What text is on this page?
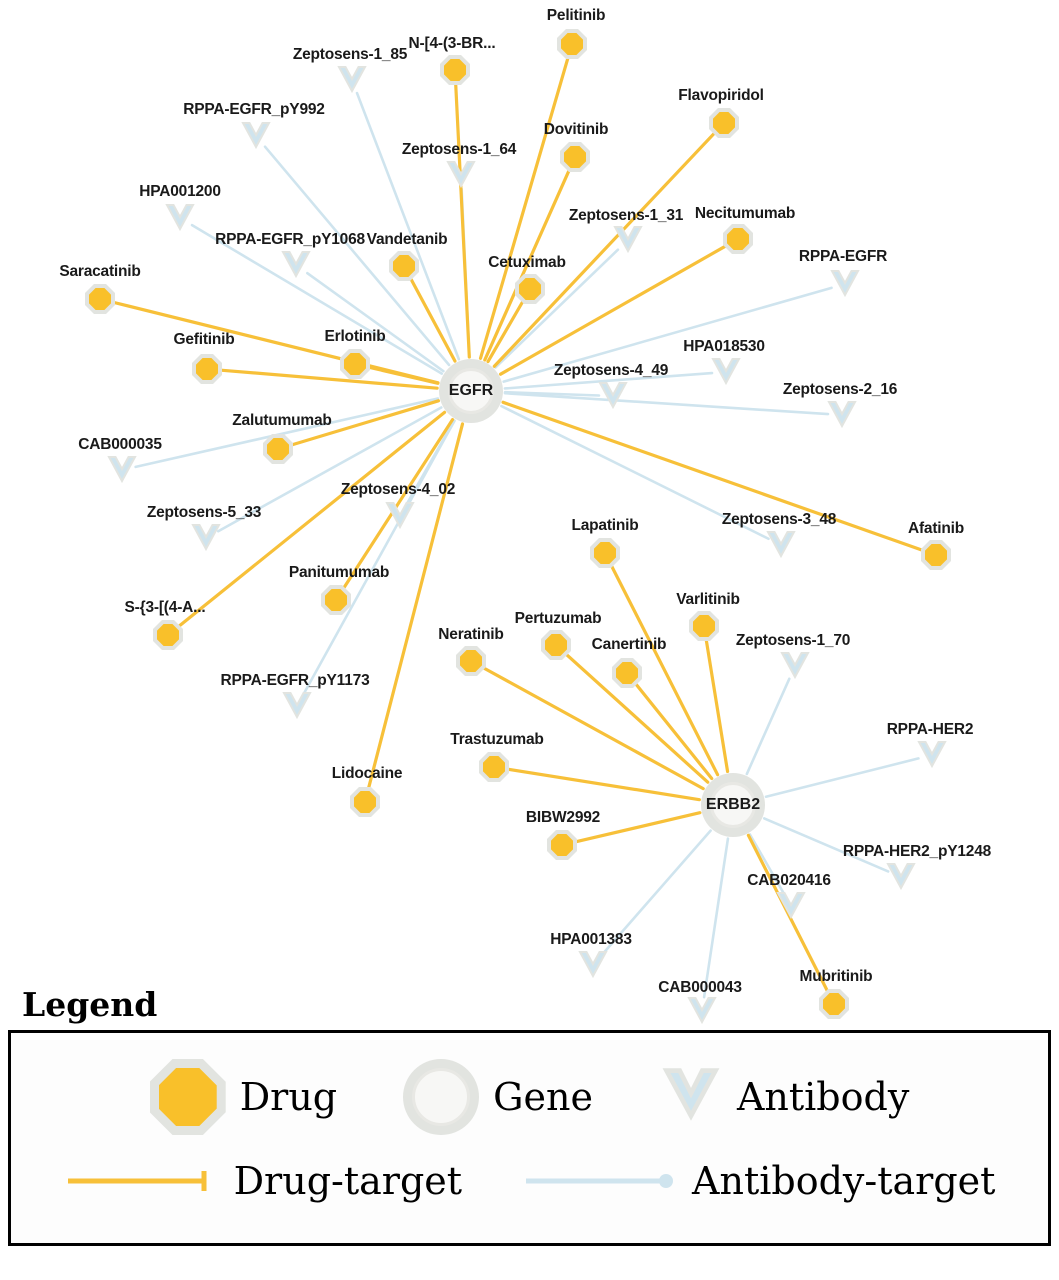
Zeptosens-1_85
RPPA-EGFR_pY992
Zeptosens-1_64
HPA001200
Zeptosens-1_31
RPPA-EGFR_pY1068
RPPA-EGFR
HPA018530
Zeptosens-4_49
Zeptosens-2_16
CAB000035
Zeptosens-5_33
Zeptosens-4_02
Zeptosens-3_48
Zeptosens-1_70
RPPA-EGFR_pY1173
RPPA-HER2
RPPA-HER2_pY1248
CAB020416
HPA001383
CAB000043
Pelitinib
N-[4-(3-BR...
Flavopiridol
Dovitinib
Necitumumab
Vandetanib
Cetuximab
Saracatinib
Erlotinib
Gefitinib
Zalutumumab
Afatinib
Lapatinib
Varlitinib
Panitumumab
S-{3-[(4-A...
Pertuzumab
Neratinib
Canertinib
Trastuzumab
Lidocaine
BIBW2992
Mubritinib
EGFR
ERBB2
Legend
Drug	Gene	Antibody
Drug-target	Antibody-target
